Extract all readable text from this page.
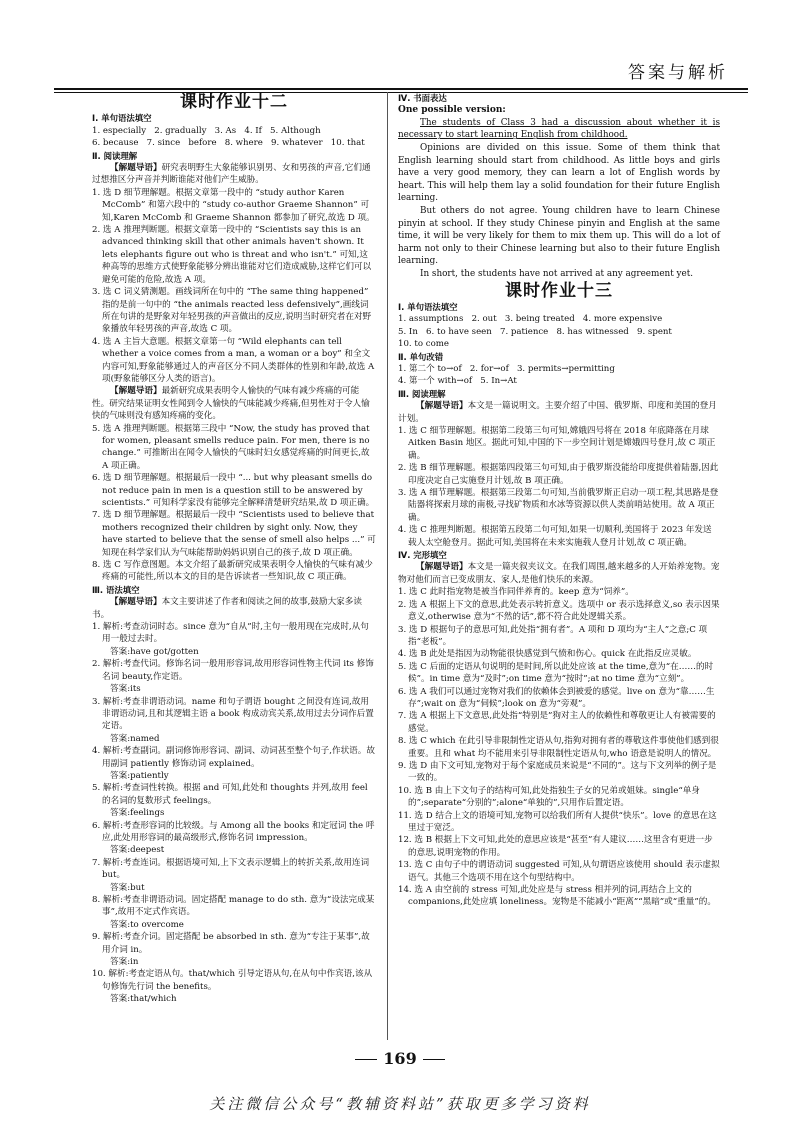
答案与解析
课时作业十二
Ⅰ. 单句语法填空
1. especially   2. gradually   3. As   4. If   5. Although
6. because   7. since   before   8. where   9. whatever   10. that
Ⅱ. 阅读理解
【解题导语】研究表明野生大象能够识别男、女和男孩的声音,它们通过想推区分声音并判断谁能对他们产生威胁。
1. 选 D 细节理解题。根据文章第一段中的 “study author Karen McComb” 和第六段中的 “study co-author Graeme Shannon” 可知,Karen McComb 和 Graeme Shannon 都参加了研究,故选 D 项。
2. 选 A 推理判断题。根据文章第一段中的 “Scientists say this is an advanced thinking skill that other animals haven't shown. It lets elephants figure out who is threat and who isn't.” 可知,这种高等的思维方式使野象能够分辨出谁能对它们造成威胁,这样它们可以避免可能的危险,故选 A 项。
3. 选 C 词义猜测题。画线词所在句中的 “The same thing happened” 指的是前一句中的 “the animals reacted less defensively”,画线词所在句讲的是野象对年轻男孩的声音做出的反应,说明当时研究者在对野象播放年轻男孩的声音,故选 C 项。
4. 选 A 主旨大意题。根据文章第一句 “Wild elephants can tell whether a voice comes from a man, a woman or a boy” 和全文内容可知,野象能够通过人的声音区分不同人类群体的性别和年龄,故选 A 项(野象能够区分人类的语言)。
【解题导语】最新研究成果表明令人愉快的气味有减少疼痛的可能性。研究结果证明女性闻到令人愉快的气味能减少疼痛,但男性对于令人愉快的气味则没有感知疼痛的变化。
5. 选 A 推理判断题。根据第三段中 “Now, the study has proved that for women, pleasant smells reduce pain. For men, there is no change.” 可推断出在闻令人愉快的气味时妇女感觉疼痛的时间更长,故 A 项正确。
6. 选 D 细节理解题。根据最后一段中 “... but why pleasant smells do not reduce pain in men is a question still to be answered by scientists.” 可知科学家没有能够完全解释清楚研究结果,故 D 项正确。
7. 选 D 细节理解题。根据最后一段中 “Scientists used to believe that mothers recognized their children by sight only. Now, they have started to believe that the sense of smell also helps ...” 可知现在科学家们认为气味能帮助妈妈识别自己的孩子,故 D 项正确。
8. 选 C 写作意图题。本文介绍了最新研究成果表明令人愉快的气味有减少疼痛的可能性,所以本文的目的是告诉读者一些知识,故 C 项正确。
Ⅲ. 语法填空
【解题导语】本文主要讲述了作者和阅读之间的故事,鼓励大家多读书。
1. 解析:考查动词时态。since 意为“自从”时,主句一般用现在完成时,从句用一般过去时。
答案:have got/gotten
2. 解析:考查代词。修饰名词一般用形容词,故用形容词性物主代词 its 修饰名词 beauty,作定语。
答案:its
3. 解析:考查非谓语动词。name 和句子谓语 bought 之间没有连词,故用非谓语动词,且和其逻辑主语 a book 构成动宾关系,故用过去分词作后置定语。
答案:named
4. 解析:考查副词。副词修饰形容词、副词、动词甚至整个句子,作状语。故用副词 patiently 修饰动词 explained。
答案:patiently
5. 解析:考查词性转换。根据 and 可知,此处和 thoughts 并列,故用 feel 的名词的复数形式 feelings。
答案:feelings
6. 解析:考查形容词的比较级。与 Among all the books 和定冠词 the 呼应,此处用形容词的最高级形式,修饰名词 impression。
答案:deepest
7. 解析:考查连词。根据语境可知,上下文表示逻辑上的转折关系,故用连词 but。
答案:but
8. 解析:考查非谓语动词。固定搭配 manage to do sth. 意为“设法完成某事”,故用不定式作宾语。
答案:to overcome
9. 解析:考查介词。固定搭配 be absorbed in sth. 意为“专注于某事”,故用介词 in。
答案:in
10. 解析:考查定语从句。that/which 引导定语从句,在从句中作宾语,该从句修饰先行词 the benefits。
答案:that/which
Ⅳ. 书面表达
One possible version:

The students of Class 3 had a discussion about whether it is necessary to start learning English from childhood.

Opinions are divided on this issue. Some of them think that English learning should start from childhood. As little boys and girls have a very good memory, they can learn a lot of English words by heart. This will help them lay a solid foundation for their future English learning.

But others do not agree. Young children have to learn Chinese pinyin at school. If they study Chinese pinyin and English at the same time, it will be very likely for them to mix them up. This will do a lot of harm not only to their Chinese learning but also to their future English learning.

In short, the students have not arrived at any agreement yet.

课时作业十三
Ⅰ. 单句语法填空
1. assumptions   2. out   3. being treated   4. more expensive
5. In   6. to have seen   7. patience   8. has witnessed   9. spent
10. to come
Ⅱ. 单句改错
1. 第二个 to→of   2. for→of   3. permits→permitting
4. 第一个 with→of   5. In→At
Ⅲ. 阅读理解
【解题导语】本文是一篇说明文。主要介绍了中国、俄罗斯、印度和美国的登月计划。
1. 选 C 细节理解题。根据第二段第三句可知,嫦娥四号将在 2018 年底降落在月球 Aitken Basin 地区。据此可知,中国的下一步空间计划是嫦娥四号登月,故 C 项正确。
2. 选 B 细节理解题。根据第四段第三句可知,由于俄罗斯没能给印度提供着陆器,因此印度决定自己实施登月计划,故 B 项正确。
3. 选 A 细节理解题。根据第三段第二句可知,当前俄罗斯正启动一项工程,其思路是登陆器将探索月球的南极,寻找矿物质和水冰等资源以供人类前哨站使用。故 A 项正确。
4. 选 C 推理判断题。根据第五段第二句可知,如果一切顺利,美国将于 2023 年发送载人太空舱登月。据此可知,美国将在未来实施载人登月计划,故 C 项正确。
Ⅳ. 完形填空
【解题导语】本文是一篇夹叙夹议文。在我们周围,越来越多的人开始养宠物。宠物对他们而言已变成朋友、家人,是他们快乐的来源。
1. 选 C 此时指宠物是被当作同伴养育的。keep 意为“饲养”。
2. 选 A 根据上下文的意思,此处表示转折意义。选项中 or 表示选择意义,so 表示因果意义,otherwise 意为“不然的话”,都不符合此处逻辑关系。
3. 选 D 根据句子的意思可知,此处指“拥有者”。A 项和 D 项均为“主人”之意;C 项指“老板”。
4. 选 B 此处是指因为动物能很快感觉到气愤和伤心。quick 在此指反应灵敏。
5. 选 C 后面的定语从句说明的是时间,所以此处应该 at the time,意为“在……的时候”。in time 意为“及时”;on time 意为“按时”;at no time 意为“立刻”。
6. 选 A 我们可以通过宠物对我们的依赖体会到被爱的感觉。live on 意为“靠……生存”;wait on 意为“伺候”;look on 意为“旁观”。
7. 选 A 根据上下文意思,此处指“特别是”狗对主人的依赖性和尊敬更让人有被需要的感觉。
8. 选 C which 在此引导非限制性定语从句,指狗对拥有者的尊敬这件事使他们感到很重要。且和 what 均不能用来引导非限制性定语从句,who 语意是说明人的情况。
9. 选 D 由下文可知,宠物对于每个家庭成员来说是“不同的”。这与下文列举的例子是一致的。
10. 选 B 由上下文句子的结构可知,此处指独生子女的兄弟或姐妹。single“单身的”;separate“分别的”;alone“单独的”,只用作后置定语。
11. 选 D 结合上文的语境可知,宠物可以给我们所有人提供“快乐”。love 的意思在这里过于宽泛。
12. 选 B 根据上下文可知,此处的意思应该是“甚至”有人建议……这里含有更进一步的意思,说明宠物的作用。
13. 选 C 由句子中的谓语动词 suggested 可知,从句谓语应该使用 should 表示虚拟语气。其他三个选项不用在这个句型结构中。
14. 选 A 由空前的 stress 可知,此处应是与 stress 相并列的词,再结合上文的 companions,此处应填 loneliness。宠物是不能减小“距离”“黑暗”或“重量”的。
169
关注微信公众号“教辅资料站”获取更多学习资料
